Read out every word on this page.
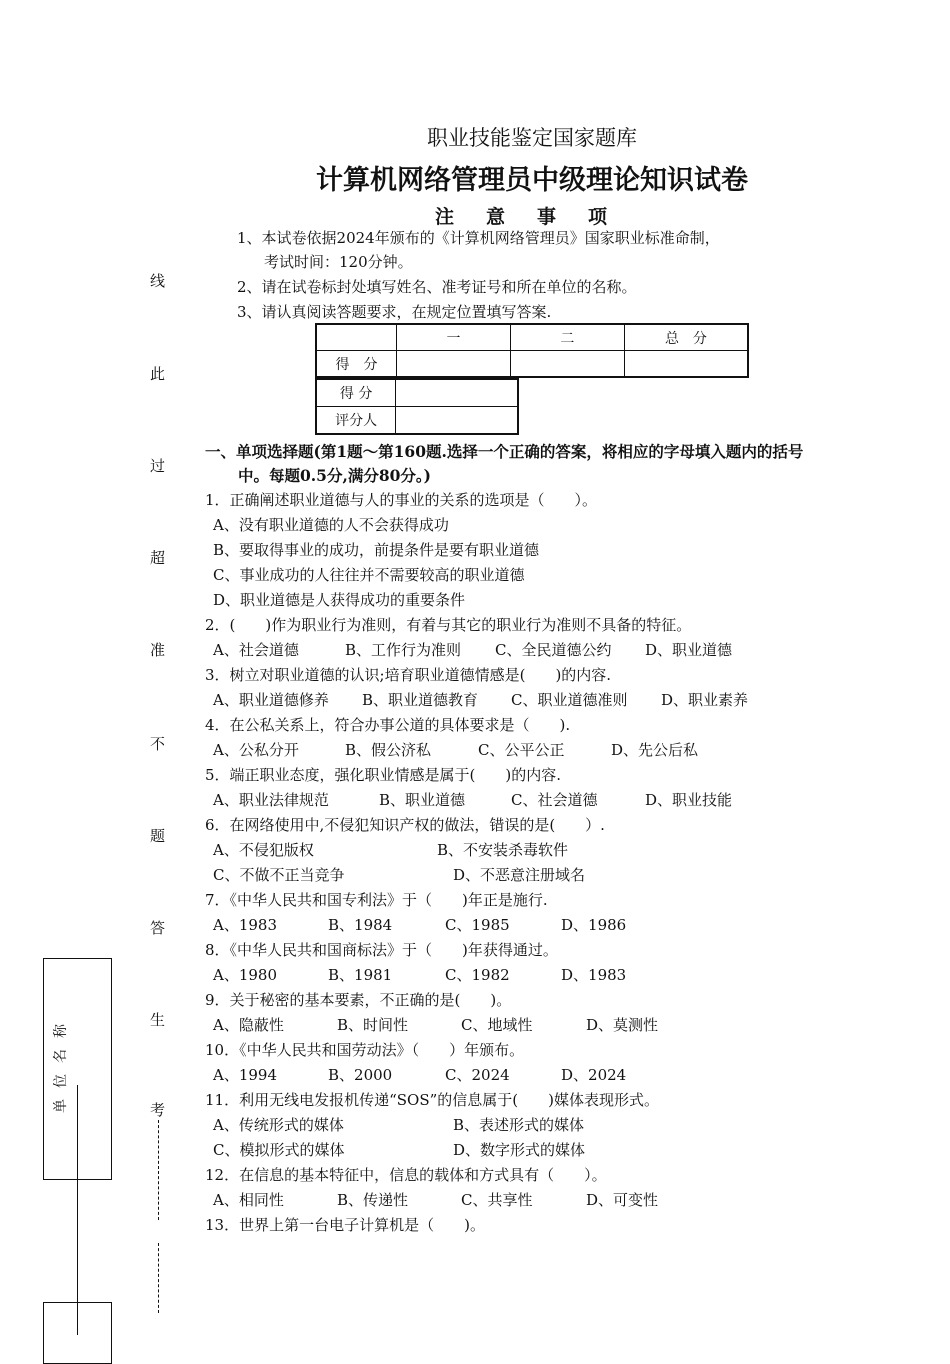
职业技能鉴定国家题库
计算机网络管理员中级理论知识试卷
注意事项
1、本试卷依据2024年颁布的《计算机网络管理员》国家职业标准命制，
考试时间：120分钟。
2、请在试卷标封处填写姓名、准考证号和所在单位的名称。
3、请认真阅读答题要求，在规定位置填写答案.
	一	二	总　分
得　分			
得 分	
评分人	
一、单项选择题(第1题～第160题.选择一个正确的答案，将相应的字母填入题内的括号
中。每题0.5分,满分80分。)
1．正确阐述职业道德与人的事业的关系的选项是（　　）。
A、没有职业道德的人不会获得成功
B、要取得事业的成功，前提条件是要有职业道德
C、事业成功的人往往并不需要较高的职业道德
D、职业道德是人获得成功的重要条件
2．(　　)作为职业行为准则，有着与其它的职业行为准则不具备的特征。
A、社会道德	B、工作行为准则 C、全民道德公约 D、职业道德
3．树立对职业道德的认识;培育职业道德情感是(　　)的内容.
A、职业道德修养 B、职业道德教育 C、职业道德准则 D、职业素养
4．在公私关系上，符合办事公道的具体要求是（　　).
A、公私分开	B、假公济私	C、公平公正	D、先公后私
5．端正职业态度，强化职业情感是属于(　　)的内容.
A、职业法律规范	B、职业道德	C、社会道德	D、职业技能
6．在网络使用中,不侵犯知识产权的做法，错误的是(　　）.
A、不侵犯版权	B、不安装杀毒软件
C、不做不正当竞争	D、不恶意注册域名
7．《中华人民共和国专利法》于（　　)年正是施行.
A、1983	B、1984	C、1985	D、1986
8．《中华人民共和国商标法》于（　　)年获得通过。
A、1980	B、1981	C、1982	D、1983
9．关于秘密的基本要素，不正确的是(　　)。
A、隐蔽性	B、时间性	C、地域性	D、莫测性
10．《中华人民共和国劳动法》（　　）年颁布。
A、1994	B、2000	C、2024	D、2024
11．利用无线电发报机传递“SOS”的信息属于(　　)媒体表现形式。
A、传统形式的媒体	B、表述形式的媒体
C、模拟形式的媒体	D、数字形式的媒体
12．在信息的基本特征中，信息的载体和方式具有（　　）。
A、相同性	B、传递性	C、共享性	D、可变性
13．世界上第一台电子计算机是（　　)。
线
此
过
超
准
不
题
答
生
考
称
名
位
单
